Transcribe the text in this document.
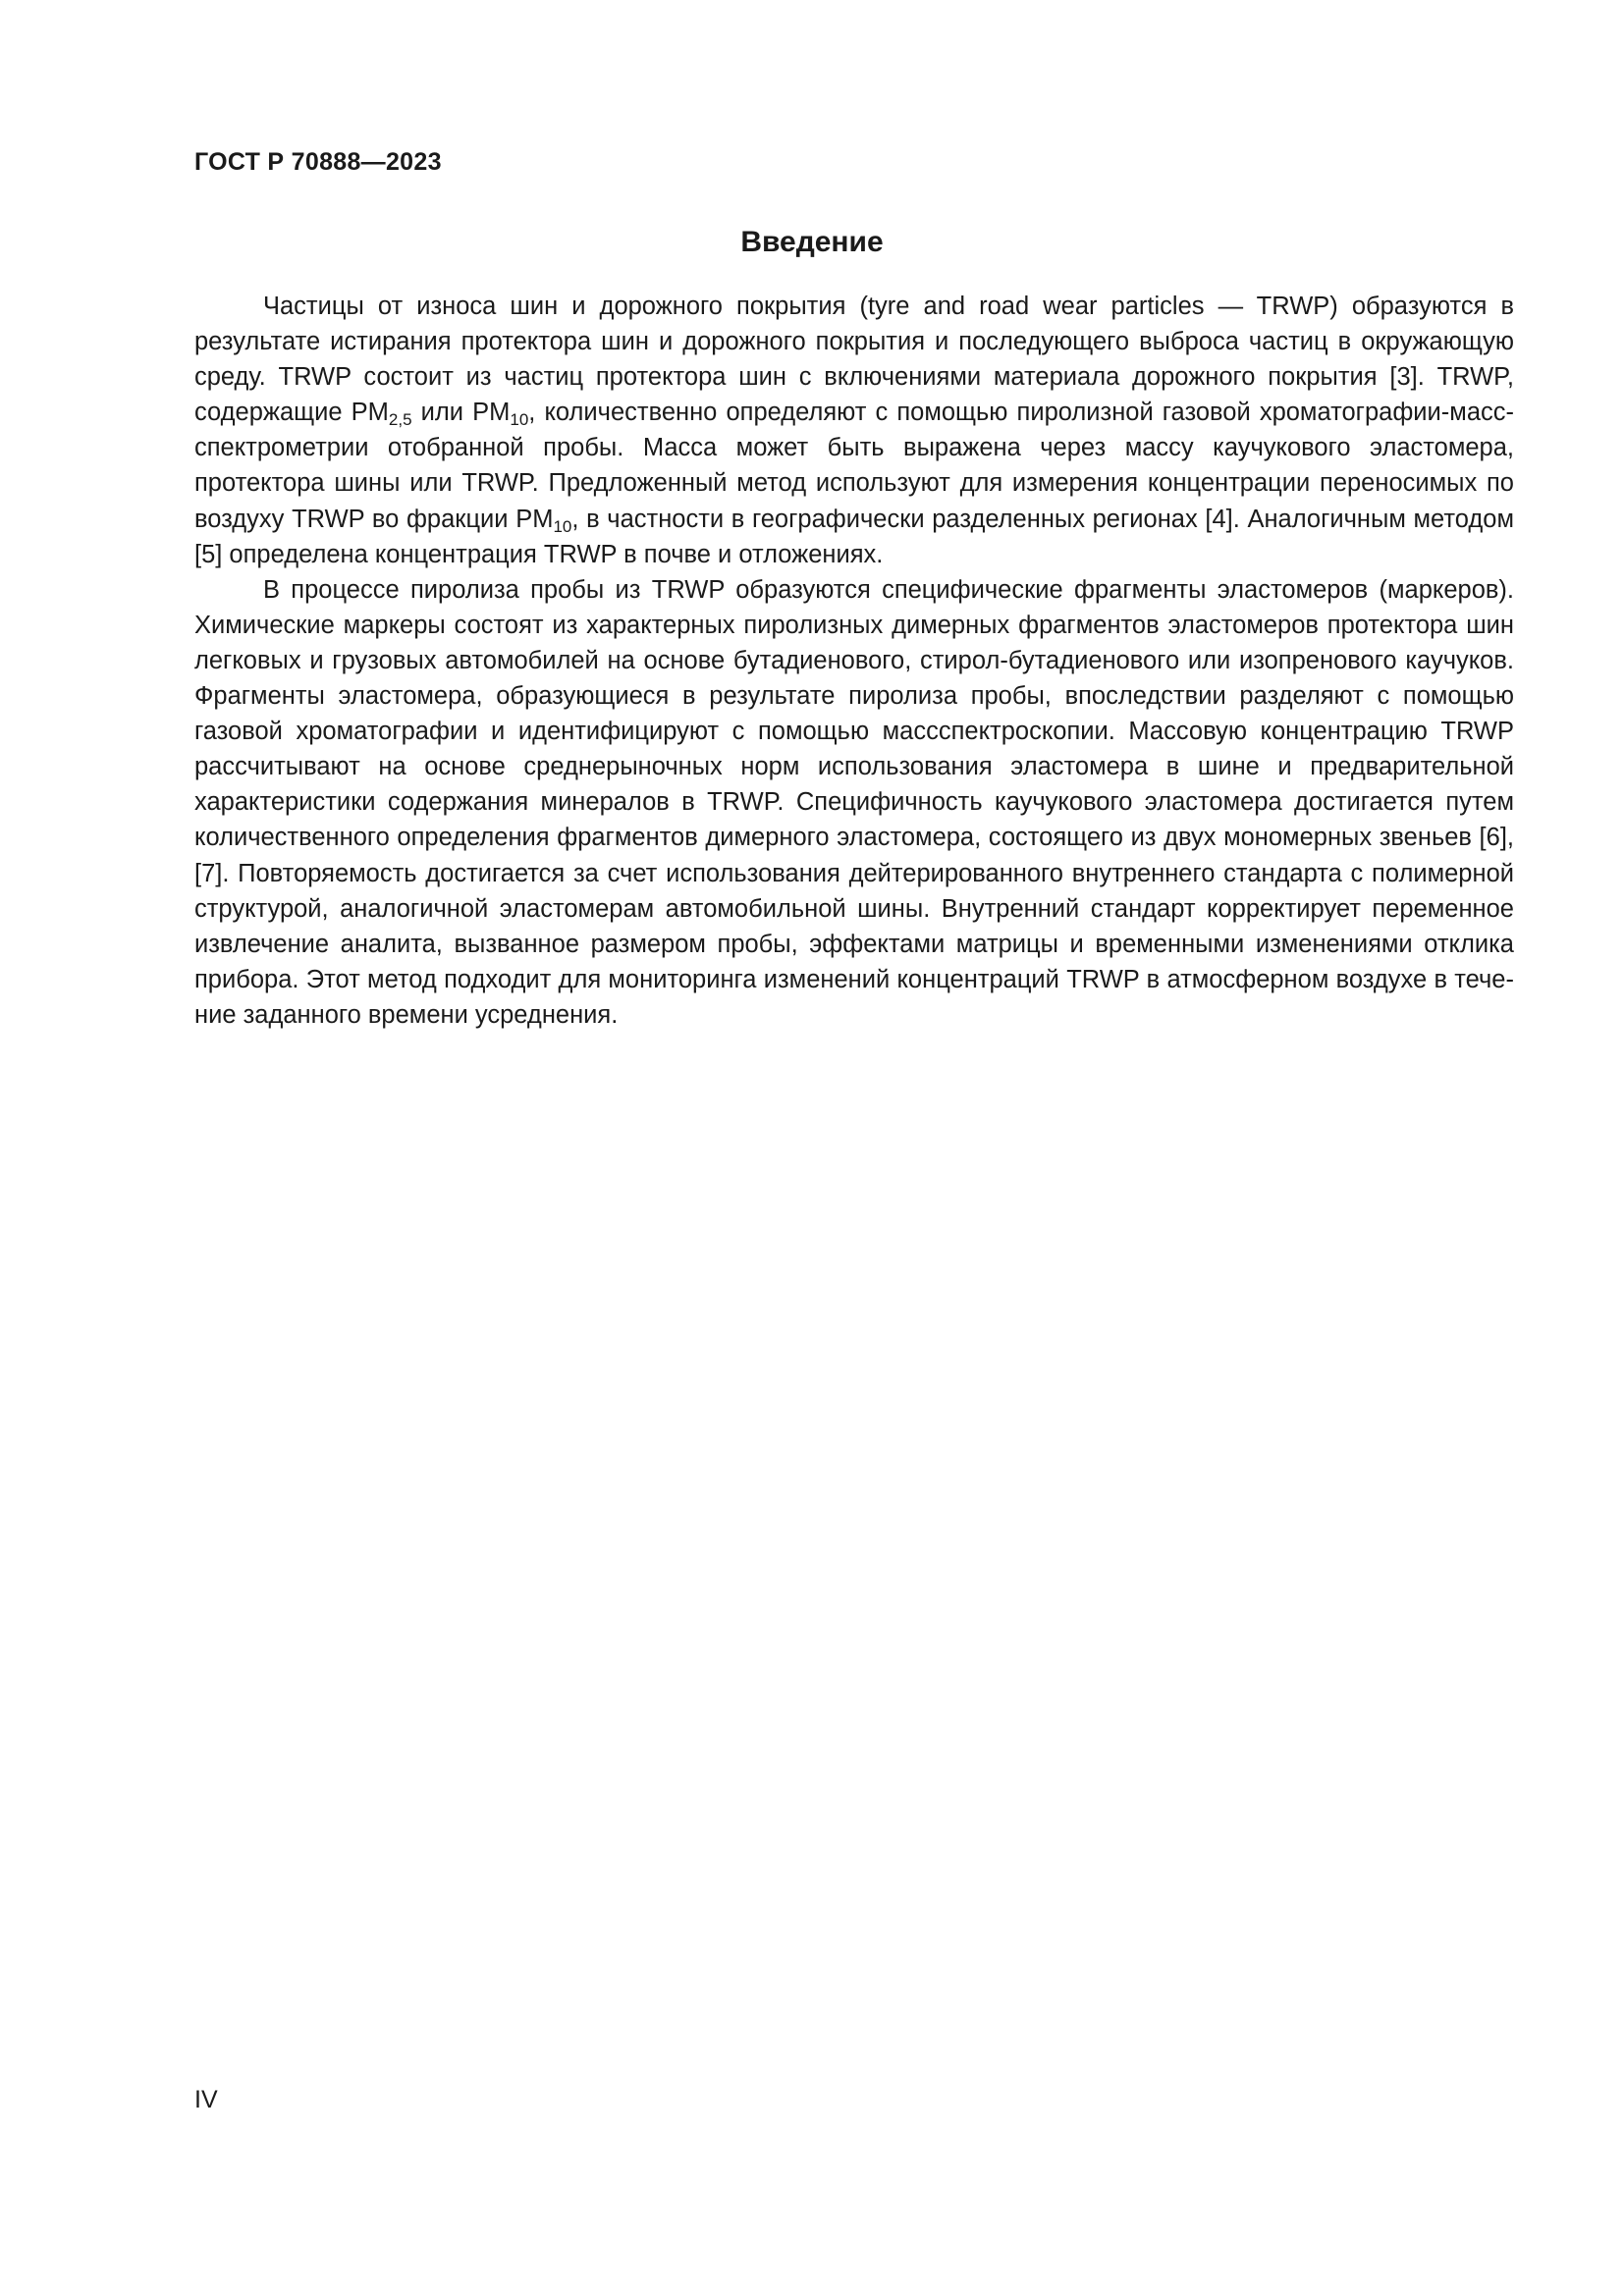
ГОСТ Р 70888—2023
Введение

Частицы от износа шин и дорожного покрытия (tyre and road wear particles — TRWP) образуются в результате истирания протектора шин и дорожного покрытия и последующего выброса частиц в окружающую среду. TRWP состоит из частиц протектора шин с включениями материала дорожного покрытия [3]. TRWP, содержащие $PM_{2,5}$ или $PM_{10}$, количественно определяют с помощью пиролизной газовой хроматографии-масс-спектрометрии отобранной пробы. Масса может быть выражена через массу каучукового эластомера, протектора шины или TRWP. Предложенный метод используют для измерения концентрации переносимых по воздуху TRWP во фракции $PM_{10}$, в частности в географически разделенных регионах [4]. Аналогичным методом [5] определена концентрация TRWP в почве и отложениях.

В процессе пиролиза пробы из TRWP образуются специфические фрагменты эластомеров (маркеров). Химические маркеры состоят из характерных пиролизных димерных фрагментов эластомеров протектора шин легковых и грузовых автомобилей на основе бутадиенового, стирол-бутадиенового или изопренового каучуков. Фрагменты эластомера, образующиеся в результате пиролиза пробы, впоследствии разделяют с помощью газовой хроматографии и идентифицируют с помощью массспектроскопии. Массовую концентрацию TRWP рассчитывают на основе среднерыночных норм использования эластомера в шине и предварительной характеристики содержания минералов в TRWP. Специфичность каучукового эластомера достигается путем количественного определения фрагментов димерного эластомера, состоящего из двух мономерных звеньев [6], [7]. Повторяемость достигается за счет использования дейтерированного внутреннего стандарта с полимерной структурой, аналогичной эластомерам автомобильной шины. Внутренний стандарт корректирует переменное извлечение аналита, вызванное размером пробы, эффектами матрицы и временными изменениями отклика прибора. Этот метод подходит для мониторинга изменений концентраций TRWP в атмосферном воздухе в течение заданного времени усреднения.

IV
